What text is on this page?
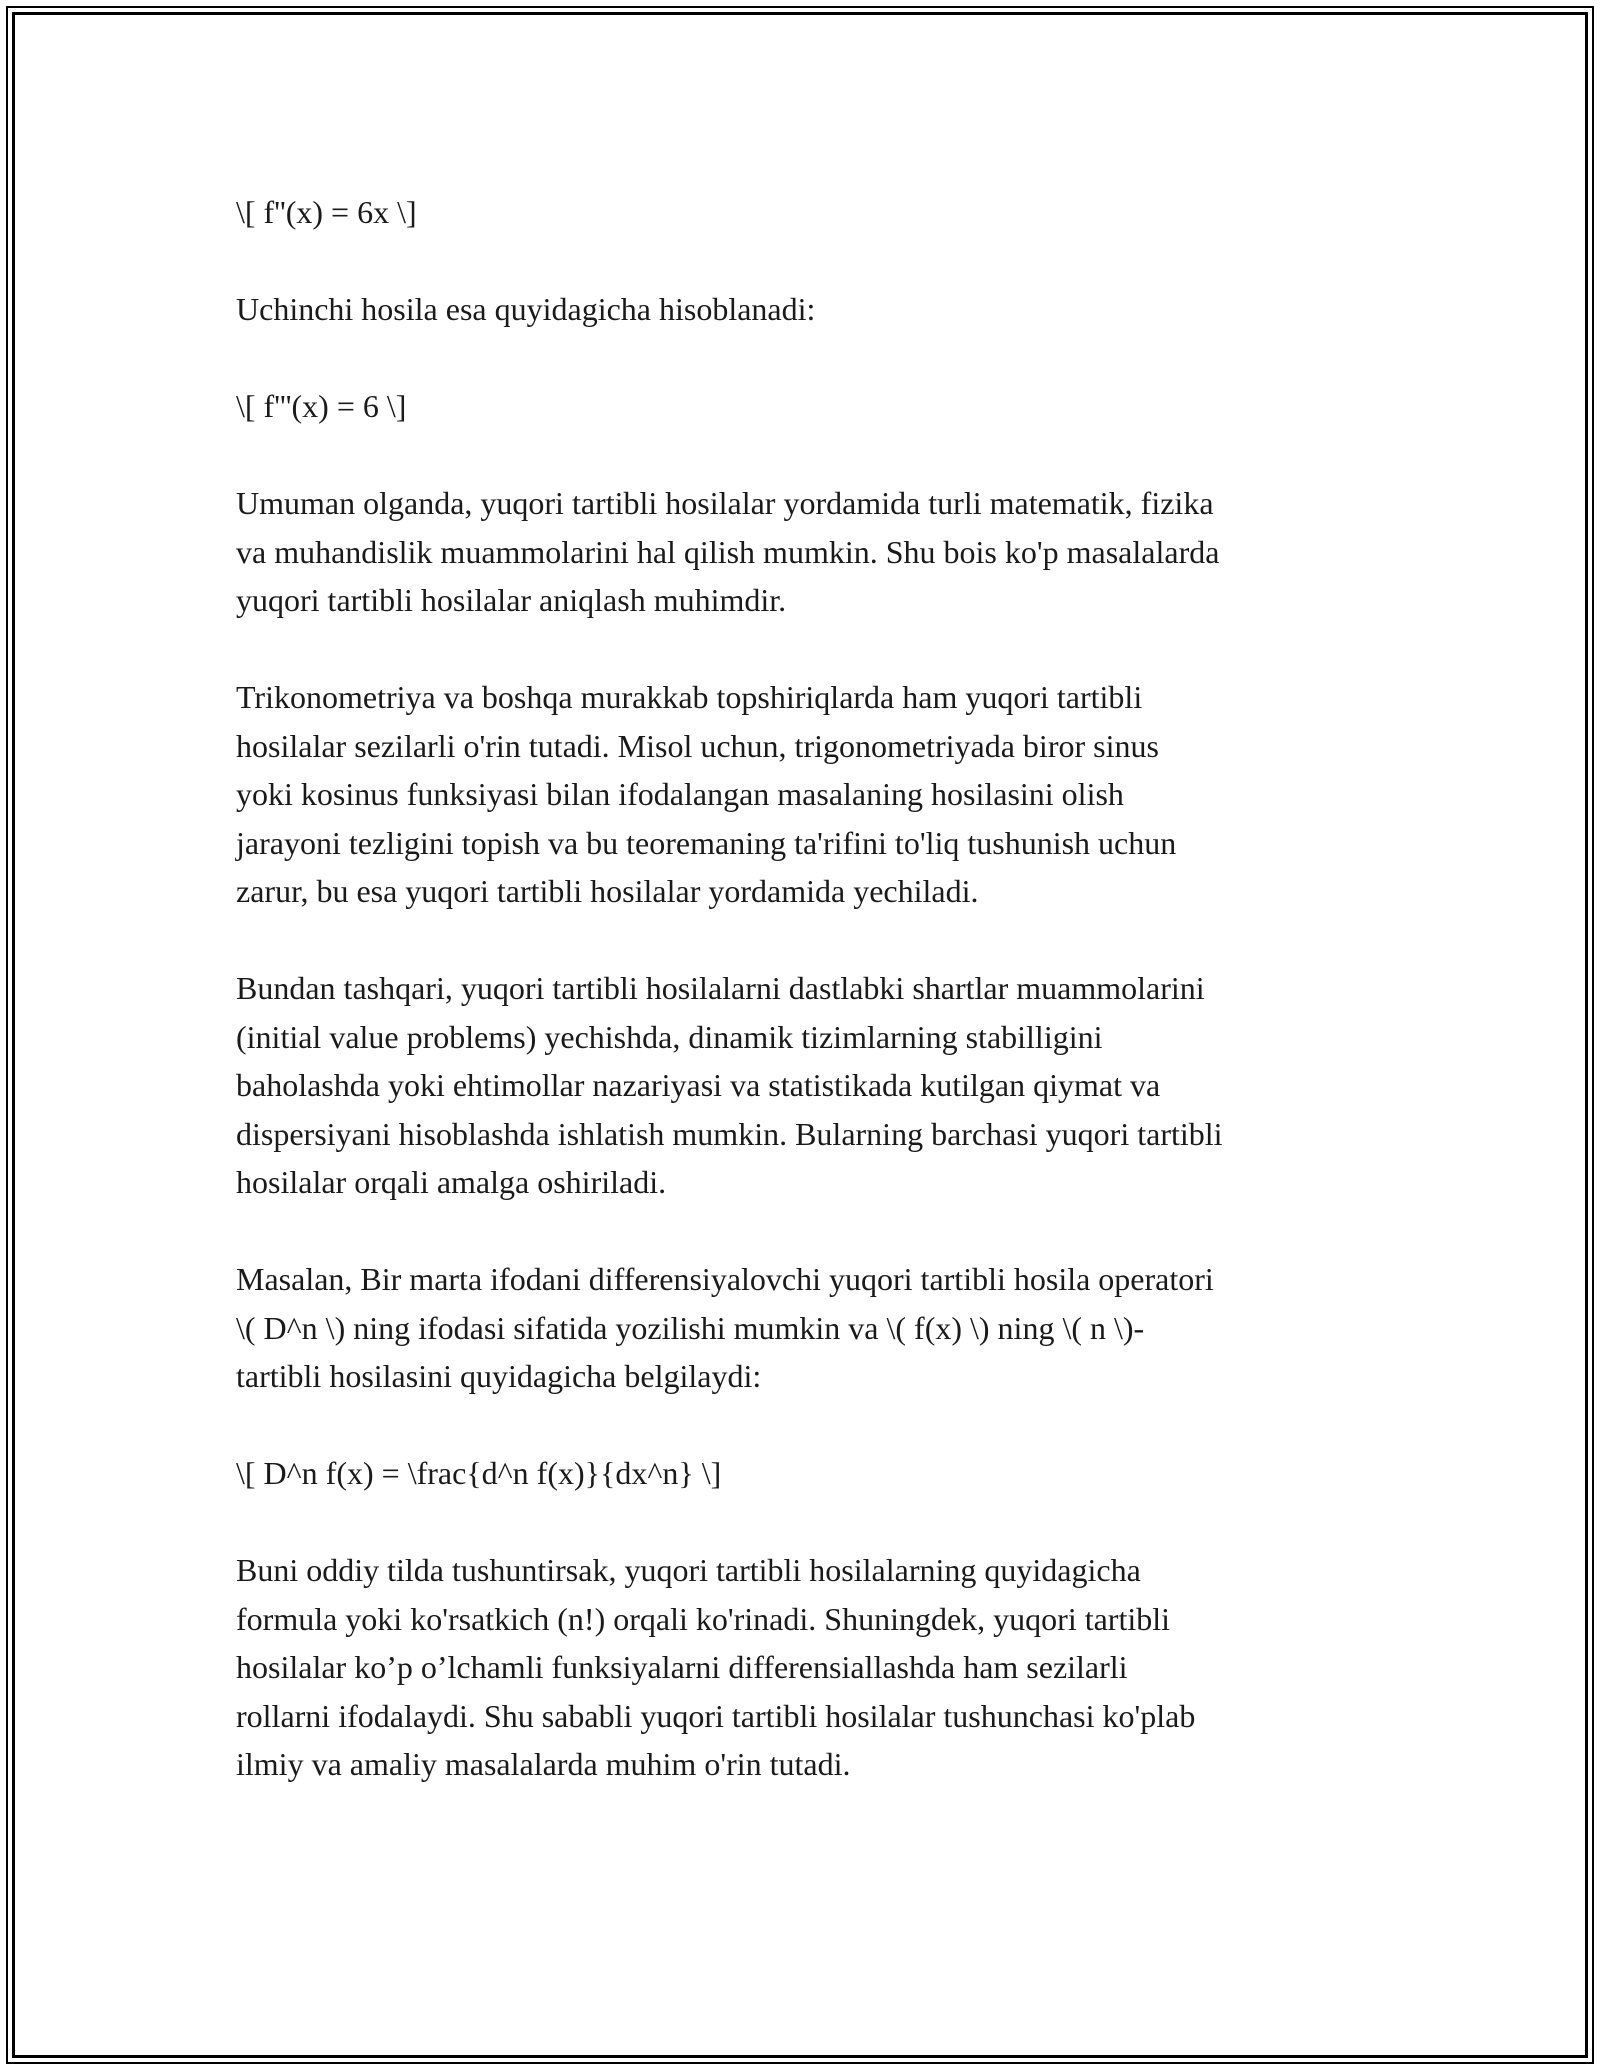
\[ f''(x) = 6x \]

Uchinchi hosila esa quyidagicha hisoblanadi:

\[ f'''(x) = 6 \]

Umuman olganda, yuqori tartibli hosilalar yordamida turli matematik, fizika
va muhandislik muammolarini hal qilish mumkin. Shu bois ko'p masalalarda
yuqori tartibli hosilalar aniqlash muhimdir.

Trikonometriya va boshqa murakkab topshiriqlarda ham yuqori tartibli
hosilalar sezilarli o'rin tutadi. Misol uchun, trigonometriyada biror sinus
yoki kosinus funksiyasi bilan ifodalangan masalaning hosilasini olish
jarayoni tezligini topish va bu teoremaning ta'rifini to'liq tushunish uchun
zarur, bu esa yuqori tartibli hosilalar yordamida yechiladi.

Bundan tashqari, yuqori tartibli hosilalarni dastlabki shartlar muammolarini
(initial value problems) yechishda, dinamik tizimlarning stabilligini
baholashda yoki ehtimollar nazariyasi va statistikada kutilgan qiymat va
dispersiyani hisoblashda ishlatish mumkin. Bularning barchasi yuqori tartibli
hosilalar orqali amalga oshiriladi.

Masalan, Bir marta ifodani differensiyalovchi yuqori tartibli hosila operatori
\( D^n \) ning ifodasi sifatida yozilishi mumkin va \( f(x) \) ning \( n \)-
tartibli hosilasini quyidagicha belgilaydi:

\[ D^n f(x) = \frac{d^n f(x)}{dx^n} \]

Buni oddiy tilda tushuntirsak, yuqori tartibli hosilalarning quyidagicha
formula yoki ko'rsatkich (n!) orqali ko'rinadi. Shuningdek, yuqori tartibli
hosilalar ko’p o’lchamli funksiyalarni differensiallashda ham sezilarli
rollarni ifodalaydi. Shu sababli yuqori tartibli hosilalar tushunchasi ko'plab
ilmiy va amaliy masalalarda muhim o'rin tutadi.
